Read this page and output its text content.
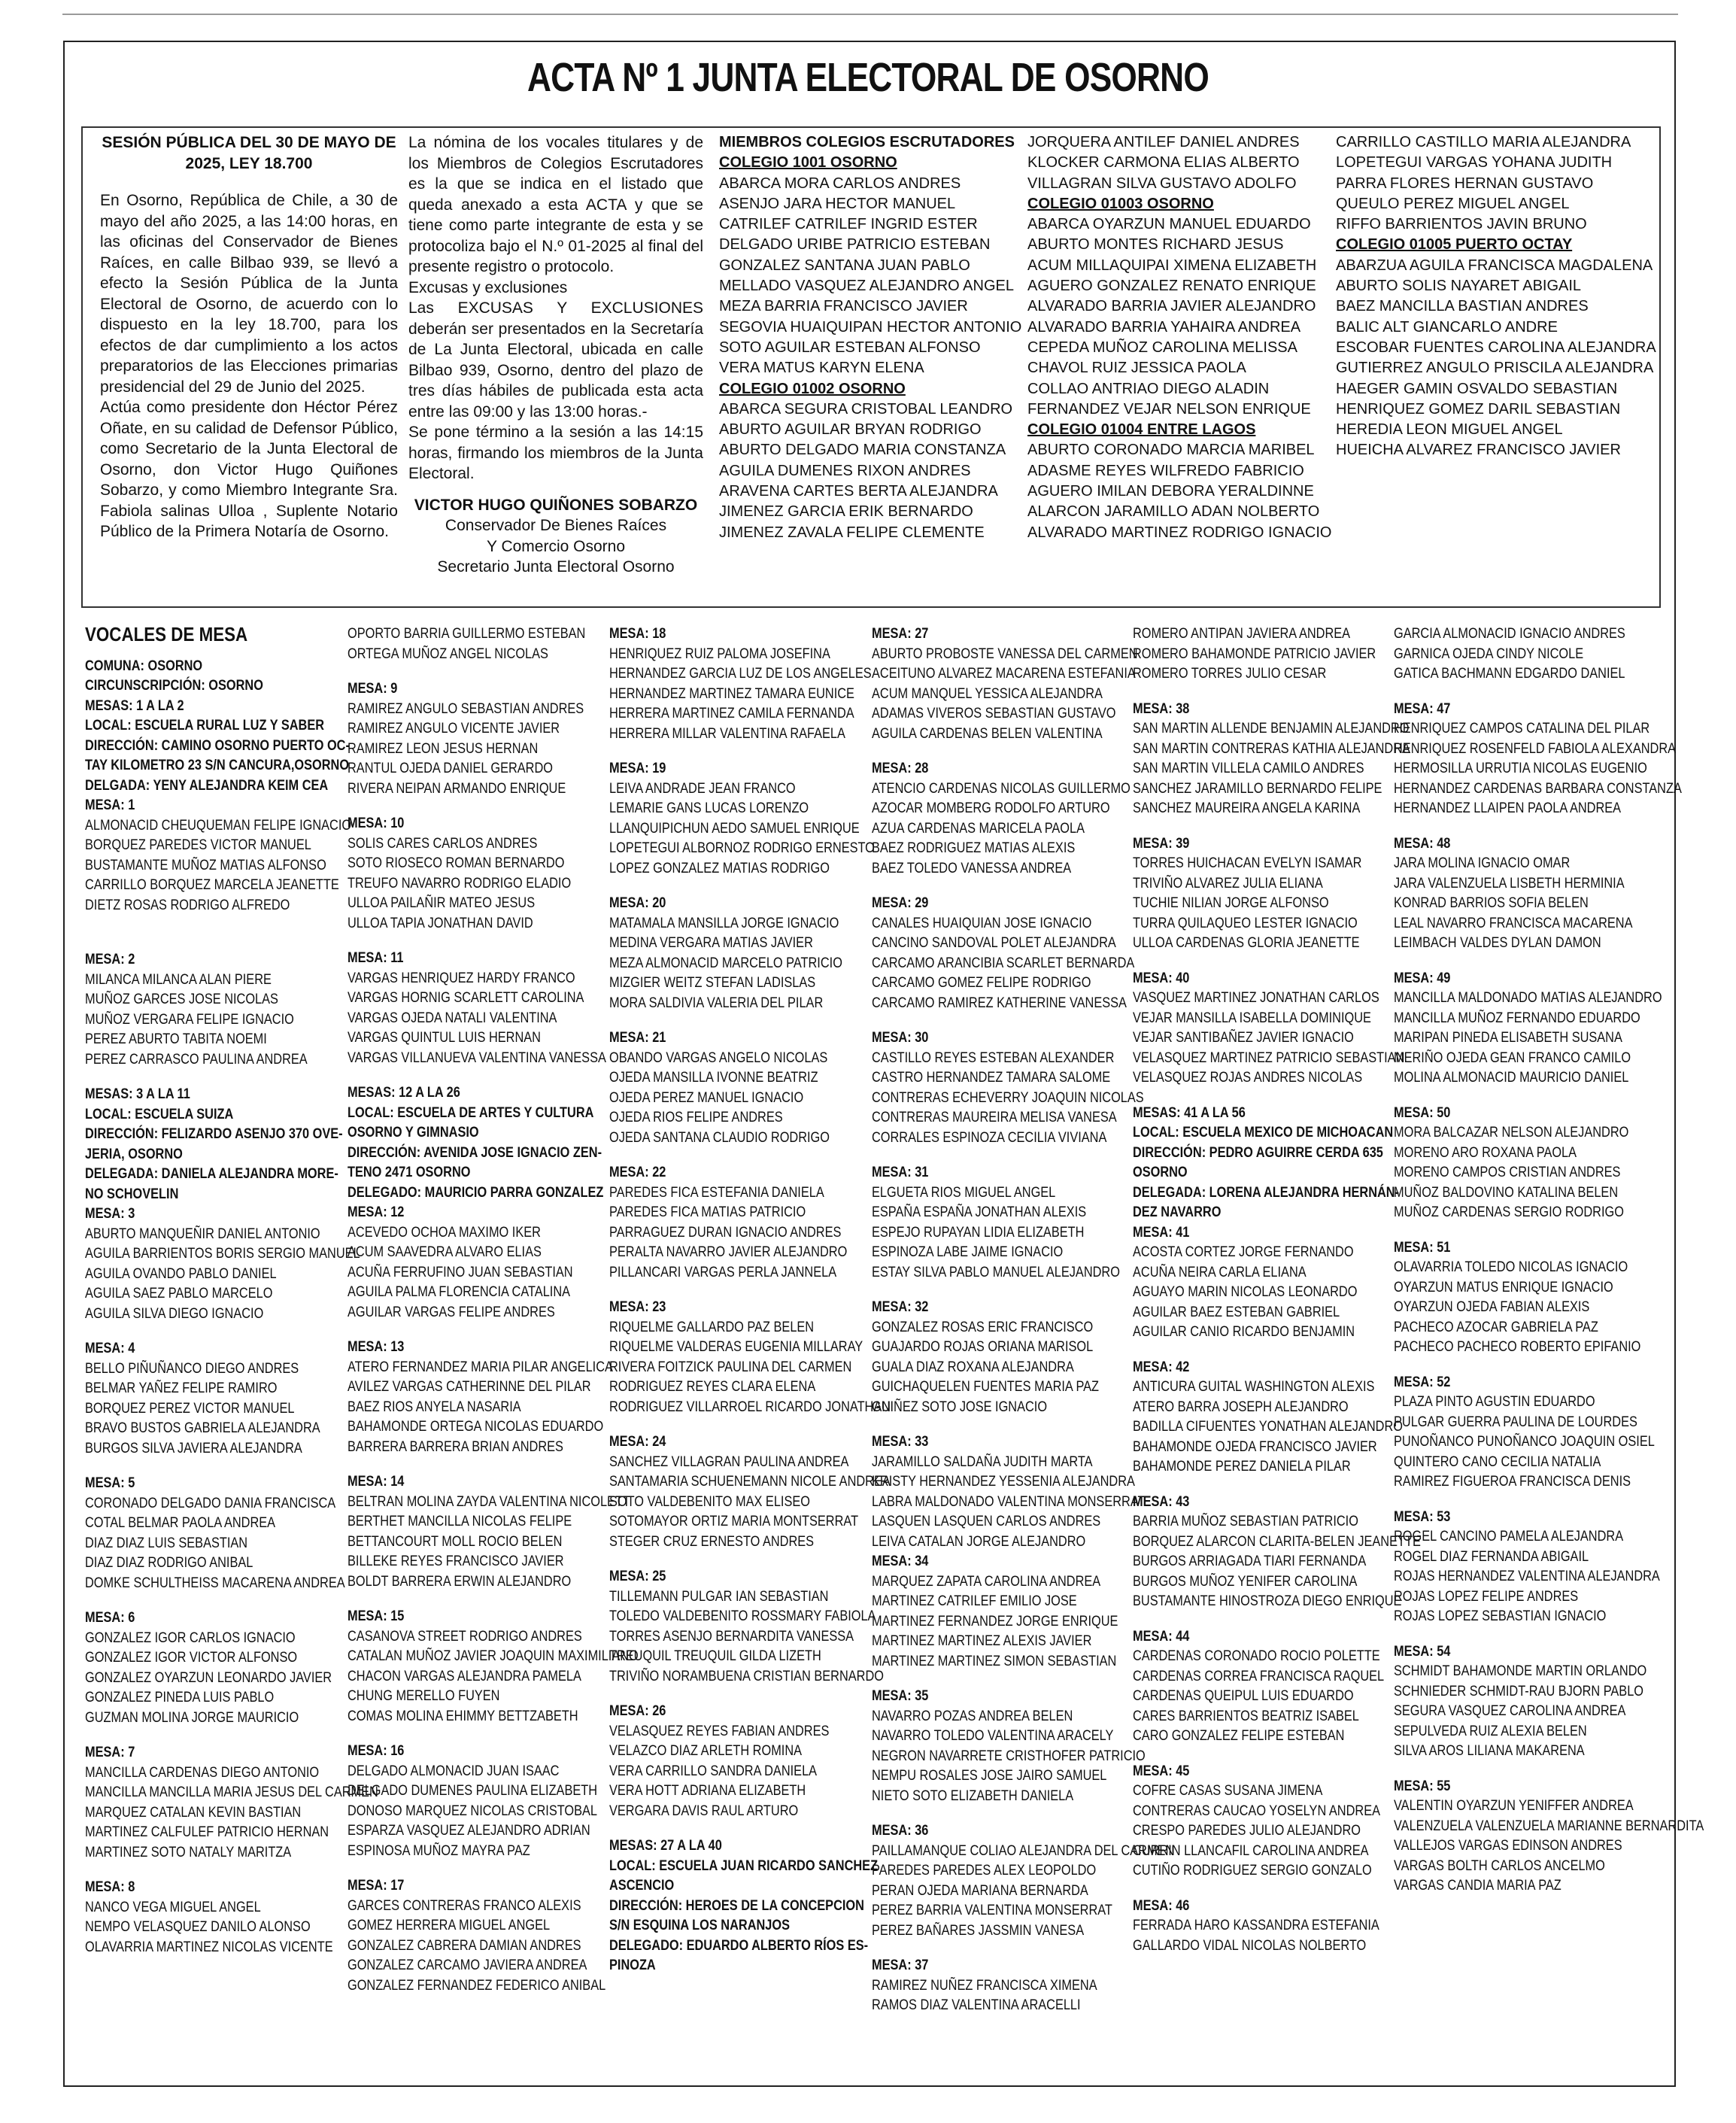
ACTA Nº 1 JUNTA ELECTORAL DE OSORNO

SESIÓN PÚBLICA DEL 30 DE MAYO DE 2025, LEY 18.700

En Osorno, República de Chile, a 30 de mayo del año 2025, a las 14:00 horas, en las oficinas del Conservador de Bienes Raíces, en calle Bilbao 939, se llevó a efecto la Sesión Pública de la Junta Electoral de Osorno, de acuerdo con lo dispuesto en la ley 18.700, para los efectos de dar cumplimiento a los actos preparatorios de las Elecciones primarias presidencial del 29 de Junio del 2025.

Actúa como presidente don Héctor Pérez Oñate, en su calidad de Defensor Público, como Secretario de la Junta Electoral de Osorno, don Victor Hugo Quiñones Sobarzo, y como Miembro Integrante Sra. Fabiola salinas Ulloa , Suplente Notario Público de la Primera Notaría de Osorno.

La nómina de los vocales titulares y de los Miembros de Colegios Escrutadores es la que se indica en el listado que queda anexado a esta ACTA y que se tiene como parte integrante de esta y se protocoliza bajo el N.º 01-2025 al final del presente registro o protocolo.

Excusas y exclusiones

Las EXCUSAS Y EXCLUSIONES deberán ser presentados en la Secretaría de La Junta Electoral, ubicada en calle Bilbao 939, Osorno, dentro del plazo de tres días hábiles de publicada esta acta entre las 09:00 y las 13:00 horas.-

Se pone término a la sesión a las 14:15 horas, firmando los miembros de la Junta Electoral.

VICTOR HUGO QUIÑONES SOBARZO

Conservador De Bienes Raíces

Y Comercio Osorno

Secretario Junta Electoral Osorno

MIEMBROS COLEGIOS ESCRUTADORES

COLEGIO 1001 OSORNO

ABARCA MORA CARLOS ANDRES
ASENJO JARA HECTOR MANUEL
CATRILEF CATRILEF INGRID ESTER
DELGADO URIBE PATRICIO ESTEBAN
GONZALEZ SANTANA JUAN PABLO
MELLADO VASQUEZ ALEJANDRO ANGEL
MEZA BARRIA FRANCISCO JAVIER
SEGOVIA HUAIQUIPAN HECTOR ANTONIO
SOTO AGUILAR ESTEBAN ALFONSO
VERA MATUS KARYN ELENA

COLEGIO 01002 OSORNO

ABARCA SEGURA CRISTOBAL LEANDRO
ABURTO AGUILAR BRYAN RODRIGO
ABURTO DELGADO MARIA CONSTANZA
AGUILA DUMENES RIXON ANDRES
ARAVENA CARTES BERTA ALEJANDRA
JIMENEZ GARCIA ERIK BERNARDO
JIMENEZ ZAVALA FELIPE CLEMENTE
JORQUERA ANTILEF DANIEL ANDRES
KLOCKER CARMONA ELIAS ALBERTO
VILLAGRAN SILVA GUSTAVO ADOLFO

COLEGIO 01003 OSORNO

ABARCA OYARZUN MANUEL EDUARDO
ABURTO MONTES RICHARD JESUS
ACUM MILLAQUIPAI XIMENA ELIZABETH
AGUERO GONZALEZ RENATO ENRIQUE
ALVARADO BARRIA JAVIER ALEJANDRO
ALVARADO BARRIA YAHAIRA ANDREA
CEPEDA MUÑOZ CAROLINA MELISSA
CHAVOL RUIZ JESSICA PAOLA
COLLAO ANTRIAO DIEGO ALADIN
FERNANDEZ VEJAR NELSON ENRIQUE

COLEGIO 01004 ENTRE LAGOS

ABURTO CORONADO MARCIA MARIBEL
ADASME REYES WILFREDO FABRICIO
AGUERO IMILAN DEBORA YERALDINNE
ALARCON JARAMILLO ADAN NOLBERTO
ALVARADO MARTINEZ RODRIGO IGNACIO
CARRILLO CASTILLO MARIA ALEJANDRA
LOPETEGUI VARGAS YOHANA JUDITH
PARRA FLORES HERNAN GUSTAVO
QUEULO PEREZ MIGUEL ANGEL
RIFFO BARRIENTOS JAVIN BRUNO

COLEGIO 01005 PUERTO OCTAY

ABARZUA AGUILA FRANCISCA MAGDALENA
ABURTO SOLIS NAYARET ABIGAIL
BAEZ MANCILLA BASTIAN ANDRES
BALIC ALT GIANCARLO ANDRE
ESCOBAR FUENTES CAROLINA ALEJANDRA
GUTIERREZ ANGULO PRISCILA ALEJANDRA
HAEGER GAMIN OSVALDO SEBASTIAN
HENRIQUEZ GOMEZ DARIL SEBASTIAN
HEREDIA LEON MIGUEL ANGEL
HUEICHA ALVAREZ FRANCISCO JAVIER
VOCALES DE MESA
COMUNA: OSORNO
CIRCUNSCRIPCIÓN: OSORNO
MESAS: 1 A LA 2
LOCAL: ESCUELA RURAL LUZ Y SABER
DIRECCIÓN: CAMINO OSORNO PUERTO OC-
TAY KILOMETRO 23 S/N CANCURA,OSORNO
DELGADA: YENY ALEJANDRA KEIM CEA
MESA: 1
ALMONACID CHEUQUEMAN FELIPE IGNACIO
BORQUEZ PAREDES VICTOR MANUEL
BUSTAMANTE MUÑOZ MATIAS ALFONSO
CARRILLO BORQUEZ MARCELA JEANETTE
DIETZ ROSAS RODRIGO ALFREDO
MESA: 2
MILANCA MILANCA ALAN PIERE
MUÑOZ GARCES JOSE NICOLAS
MUÑOZ VERGARA FELIPE IGNACIO
PEREZ ABURTO TABITA NOEMI
PEREZ CARRASCO PAULINA ANDREA
MESAS: 3 A LA 11
LOCAL: ESCUELA SUIZA
DIRECCIÓN: FELIZARDO ASENJO 370 OVE-
JERIA, OSORNO
DELEGADA: DANIELA ALEJANDRA MORE-
NO SCHOVELIN
MESA: 3
ABURTO MANQUEÑIR DANIEL ANTONIO
AGUILA BARRIENTOS BORIS SERGIO MANUEL
AGUILA OVANDO PABLO DANIEL
AGUILA SAEZ PABLO MARCELO
AGUILA SILVA DIEGO IGNACIO
MESA: 4
BELLO PIÑUÑANCO DIEGO ANDRES
BELMAR YAÑEZ FELIPE RAMIRO
BORQUEZ PEREZ VICTOR MANUEL
BRAVO BUSTOS GABRIELA ALEJANDRA
BURGOS SILVA JAVIERA ALEJANDRA
MESA: 5
CORONADO DELGADO DANIA FRANCISCA
COTAL BELMAR PAOLA ANDREA
DIAZ DIAZ LUIS SEBASTIAN
DIAZ DIAZ RODRIGO ANIBAL
DOMKE SCHULTHEISS MACARENA ANDREA
MESA: 6
GONZALEZ IGOR CARLOS IGNACIO
GONZALEZ IGOR VICTOR ALFONSO
GONZALEZ OYARZUN LEONARDO JAVIER
GONZALEZ PINEDA LUIS PABLO
GUZMAN MOLINA JORGE MAURICIO
MESA: 7
MANCILLA CARDENAS DIEGO ANTONIO
MANCILLA MANCILLA MARIA JESUS DEL CARMEN
MARQUEZ CATALAN KEVIN BASTIAN
MARTINEZ CALFULEF PATRICIO HERNAN
MARTINEZ SOTO NATALY MARITZA
MESA: 8
NANCO VEGA MIGUEL ANGEL
NEMPO VELASQUEZ DANILO ALONSO
OLAVARRIA MARTINEZ NICOLAS VICENTE
OPORTO BARRIA GUILLERMO ESTEBAN
ORTEGA MUÑOZ ANGEL NICOLAS
MESA: 9
RAMIREZ ANGULO SEBASTIAN ANDRES
RAMIREZ ANGULO VICENTE JAVIER
RAMIREZ LEON JESUS HERNAN
RANTUL OJEDA DANIEL GERARDO
RIVERA NEIPAN ARMANDO ENRIQUE
MESA: 10
SOLIS CARES CARLOS ANDRES
SOTO RIOSECO ROMAN BERNARDO
TREUFO NAVARRO RODRIGO ELADIO
ULLOA PAILAÑIR MATEO JESUS
ULLOA TAPIA JONATHAN DAVID
MESA: 11
VARGAS HENRIQUEZ HARDY FRANCO
VARGAS HORNIG SCARLETT CAROLINA
VARGAS OJEDA NATALI VALENTINA
VARGAS QUINTUL LUIS HERNAN
VARGAS VILLANUEVA VALENTINA VANESSA
MESAS: 12 A LA 26
LOCAL: ESCUELA DE ARTES Y CULTURA
OSORNO Y GIMNASIO
DIRECCIÓN: AVENIDA JOSE IGNACIO ZEN-
TENO 2471 OSORNO
DELEGADO: MAURICIO PARRA GONZALEZ
MESA: 12
ACEVEDO OCHOA MAXIMO IKER
ACUM SAAVEDRA ALVARO ELIAS
ACUÑA FERRUFINO JUAN SEBASTIAN
AGUILA PALMA FLORENCIA CATALINA
AGUILAR VARGAS FELIPE ANDRES
MESA: 13
ATERO FERNANDEZ MARIA PILAR ANGELICA
AVILEZ VARGAS CATHERINNE DEL PILAR
BAEZ RIOS ANYELA NASARIA
BAHAMONDE ORTEGA NICOLAS EDUARDO
BARRERA BARRERA BRIAN ANDRES
MESA: 14
BELTRAN MOLINA ZAYDA VALENTINA NICOLETT
BERTHET MANCILLA NICOLAS FELIPE
BETTANCOURT MOLL ROCIO BELEN
BILLEKE REYES FRANCISCO JAVIER
BOLDT BARRERA ERWIN ALEJANDRO
MESA: 15
CASANOVA STREET RODRIGO ANDRES
CATALAN MUÑOZ JAVIER JOAQUIN MAXIMILIANO
CHACON VARGAS ALEJANDRA PAMELA
CHUNG MERELLO FUYEN
COMAS MOLINA EHIMMY BETTZABETH
MESA: 16
DELGADO ALMONACID JUAN ISAAC
DELGADO DUMENES PAULINA ELIZABETH
DONOSO MARQUEZ NICOLAS CRISTOBAL
ESPARZA VASQUEZ ALEJANDRO ADRIAN
ESPINOSA MUÑOZ MAYRA PAZ
MESA: 17
GARCES CONTRERAS FRANCO ALEXIS
GOMEZ HERRERA MIGUEL ANGEL
GONZALEZ CABRERA DAMIAN ANDRES
GONZALEZ CARCAMO JAVIERA ANDREA
GONZALEZ FERNANDEZ FEDERICO ANIBAL
MESA: 18
HENRIQUEZ RUIZ PALOMA JOSEFINA
HERNANDEZ GARCIA LUZ DE LOS ANGELES
HERNANDEZ MARTINEZ TAMARA EUNICE
HERRERA MARTINEZ CAMILA FERNANDA
HERRERA MILLAR VALENTINA RAFAELA
MESA: 19
LEIVA ANDRADE JEAN FRANCO
LEMARIE GANS LUCAS LORENZO
LLANQUIPICHUN AEDO SAMUEL ENRIQUE
LOPETEGUI ALBORNOZ RODRIGO ERNESTO
LOPEZ GONZALEZ MATIAS RODRIGO
MESA: 20
MATAMALA MANSILLA JORGE IGNACIO
MEDINA VERGARA MATIAS JAVIER
MEZA ALMONACID MARCELO PATRICIO
MIZGIER WEITZ STEFAN LADISLAS
MORA SALDIVIA VALERIA DEL PILAR
MESA: 21
OBANDO VARGAS ANGELO NICOLAS
OJEDA MANSILLA IVONNE BEATRIZ
OJEDA PEREZ MANUEL IGNACIO
OJEDA RIOS FELIPE ANDRES
OJEDA SANTANA CLAUDIO RODRIGO
MESA: 22
PAREDES FICA ESTEFANIA DANIELA
PAREDES FICA MATIAS PATRICIO
PARRAGUEZ DURAN IGNACIO ANDRES
PERALTA NAVARRO JAVIER ALEJANDRO
PILLANCARI VARGAS PERLA JANNELA
MESA: 23
RIQUELME GALLARDO PAZ BELEN
RIQUELME VALDERAS EUGENIA MILLARAY
RIVERA FOITZICK PAULINA DEL CARMEN
RODRIGUEZ REYES CLARA ELENA
RODRIGUEZ VILLARROEL RICARDO JONATHAN
MESA: 24
SANCHEZ VILLAGRAN PAULINA ANDREA
SANTAMARIA SCHUENEMANN NICOLE ANDREA
SOTO VALDEBENITO MAX ELISEO
SOTOMAYOR ORTIZ MARIA MONTSERRAT
STEGER CRUZ ERNESTO ANDRES
MESA: 25
TILLEMANN PULGAR IAN SEBASTIAN
TOLEDO VALDEBENITO ROSSMARY FABIOLA
TORRES ASENJO BERNARDITA VANESSA
TREUQUIL TREUQUIL GILDA LIZETH
TRIVIÑO NORAMBUENA CRISTIAN BERNARDO
MESA: 26
VELASQUEZ REYES FABIAN ANDRES
VELAZCO DIAZ ARLETH ROMINA
VERA CARRILLO SANDRA DANIELA
VERA HOTT ADRIANA ELIZABETH
VERGARA DAVIS RAUL ARTURO
MESAS: 27 A LA 40
LOCAL: ESCUELA JUAN RICARDO SANCHEZ
ASCENCIO
DIRECCIÓN: HEROES DE LA CONCEPCION
S/N ESQUINA LOS NARANJOS
DELEGADO: EDUARDO ALBERTO RÍOS ES-
PINOZA
MESA: 27
ABURTO PROBOSTE VANESSA DEL CARMEN
ACEITUNO ALVAREZ MACARENA ESTEFANIA
ACUM MANQUEL YESSICA ALEJANDRA
ADAMAS VIVEROS SEBASTIAN GUSTAVO
AGUILA CARDENAS BELEN VALENTINA
MESA: 28
ATENCIO CARDENAS NICOLAS GUILLERMO
AZOCAR MOMBERG RODOLFO ARTURO
AZUA CARDENAS MARICELA PAOLA
BAEZ RODRIGUEZ MATIAS ALEXIS
BAEZ TOLEDO VANESSA ANDREA
MESA: 29
CANALES HUAIQUIAN JOSE IGNACIO
CANCINO SANDOVAL POLET ALEJANDRA
CARCAMO ARANCIBIA SCARLET BERNARDA
CARCAMO GOMEZ FELIPE RODRIGO
CARCAMO RAMIREZ KATHERINE VANESSA
MESA: 30
CASTILLO REYES ESTEBAN ALEXANDER
CASTRO HERNANDEZ TAMARA SALOME
CONTRERAS ECHEVERRY JOAQUIN NICOLAS
CONTRERAS MAUREIRA MELISA VANESA
CORRALES ESPINOZA CECILIA VIVIANA
MESA: 31
ELGUETA RIOS MIGUEL ANGEL
ESPAÑA ESPAÑA JONATHAN ALEXIS
ESPEJO RUPAYAN LIDIA ELIZABETH
ESPINOZA LABE JAIME IGNACIO
ESTAY SILVA PABLO MANUEL ALEJANDRO
MESA: 32
GONZALEZ ROSAS ERIC FRANCISCO
GUAJARDO ROJAS ORIANA MARISOL
GUALA DIAZ ROXANA ALEJANDRA
GUICHAQUELEN FUENTES MARIA PAZ
GUIÑEZ SOTO JOSE IGNACIO
MESA: 33
JARAMILLO SALDAÑA JUDITH MARTA
KRISTY HERNANDEZ YESSENIA ALEJANDRA
LABRA MALDONADO VALENTINA MONSERRAT
LASQUEN LASQUEN CARLOS ANDRES
LEIVA CATALAN JORGE ALEJANDRO
MESA: 34
MARQUEZ ZAPATA CAROLINA ANDREA
MARTINEZ CATRILEF EMILIO JOSE
MARTINEZ FERNANDEZ JORGE ENRIQUE
MARTINEZ MARTINEZ ALEXIS JAVIER
MARTINEZ MARTINEZ SIMON SEBASTIAN
MESA: 35
NAVARRO POZAS ANDREA BELEN
NAVARRO TOLEDO VALENTINA ARACELY
NEGRON NAVARRETE CRISTHOFER PATRICIO
NEMPU ROSALES JOSE JAIRO SAMUEL
NIETO SOTO ELIZABETH DANIELA
MESA: 36
PAILLAMANQUE COLIAO ALEJANDRA DEL CARMEN
PAREDES PAREDES ALEX LEOPOLDO
PERAN OJEDA MARIANA BERNARDA
PEREZ BARRIA VALENTINA MONSERRAT
PEREZ BAÑARES JASSMIN VANESA
MESA: 37
RAMIREZ NUÑEZ FRANCISCA XIMENA
RAMOS DIAZ VALENTINA ARACELLI
ROMERO ANTIPAN JAVIERA ANDREA
ROMERO BAHAMONDE PATRICIO JAVIER
ROMERO TORRES JULIO CESAR
MESA: 38
SAN MARTIN ALLENDE BENJAMIN ALEJANDRO
SAN MARTIN CONTRERAS KATHIA ALEJANDRA
SAN MARTIN VILLELA CAMILO ANDRES
SANCHEZ JARAMILLO BERNARDO FELIPE
SANCHEZ MAUREIRA ANGELA KARINA
MESA: 39
TORRES HUICHACAN EVELYN ISAMAR
TRIVIÑO ALVAREZ JULIA ELIANA
TUCHIE NILIAN JORGE ALFONSO
TURRA QUILAQUEO LESTER IGNACIO
ULLOA CARDENAS GLORIA JEANETTE
MESA: 40
VASQUEZ MARTINEZ JONATHAN CARLOS
VEJAR MANSILLA ISABELLA DOMINIQUE
VEJAR SANTIBAÑEZ JAVIER IGNACIO
VELASQUEZ MARTINEZ PATRICIO SEBASTIAN
VELASQUEZ ROJAS ANDRES NICOLAS
MESAS: 41 A LA 56
LOCAL: ESCUELA MEXICO DE MICHOACAN
DIRECCIÓN: PEDRO AGUIRRE CERDA 635
OSORNO
DELEGADA: LORENA ALEJANDRA HERNÁN-
DEZ NAVARRO
MESA: 41
ACOSTA CORTEZ JORGE FERNANDO
ACUÑA NEIRA CARLA ELIANA
AGUAYO MARIN NICOLAS LEONARDO
AGUILAR BAEZ ESTEBAN GABRIEL
AGUILAR CANIO RICARDO BENJAMIN
MESA: 42
ANTICURA GUITAL WASHINGTON ALEXIS
ATERO BARRA JOSEPH ALEJANDRO
BADILLA CIFUENTES YONATHAN ALEJANDRO
BAHAMONDE OJEDA FRANCISCO JAVIER
BAHAMONDE PEREZ DANIELA PILAR
MESA: 43
BARRIA MUÑOZ SEBASTIAN PATRICIO
BORQUEZ ALARCON CLARITA-BELEN JEANETTE
BURGOS ARRIAGADA TIARI FERNANDA
BURGOS MUÑOZ YENIFER CAROLINA
BUSTAMANTE HINOSTROZA DIEGO ENRIQUE
MESA: 44
CARDENAS CORONADO ROCIO POLETTE
CARDENAS CORREA FRANCISCA RAQUEL
CARDENAS QUEIPUL LUIS EDUARDO
CARES BARRIENTOS BEATRIZ ISABEL
CARO GONZALEZ FELIPE ESTEBAN
MESA: 45
COFRE CASAS SUSANA JIMENA
CONTRERAS CAUCAO YOSELYN ANDREA
CRESPO PAREDES JULIO ALEJANDRO
CURRIN LLANCAFIL CAROLINA ANDREA
CUTIÑO RODRIGUEZ SERGIO GONZALO
MESA: 46
FERRADA HARO KASSANDRA ESTEFANIA
GALLARDO VIDAL NICOLAS NOLBERTO
GARCIA ALMONACID IGNACIO ANDRES
GARNICA OJEDA CINDY NICOLE
GATICA BACHMANN EDGARDO DANIEL
MESA: 47
HENRIQUEZ CAMPOS CATALINA DEL PILAR
HENRIQUEZ ROSENFELD FABIOLA ALEXANDRA
HERMOSILLA URRUTIA NICOLAS EUGENIO
HERNANDEZ CARDENAS BARBARA CONSTANZA
HERNANDEZ LLAIPEN PAOLA ANDREA
MESA: 48
JARA MOLINA IGNACIO OMAR
JARA VALENZUELA LISBETH HERMINIA
KONRAD BARRIOS SOFIA BELEN
LEAL NAVARRO FRANCISCA MACARENA
LEIMBACH VALDES DYLAN DAMON
MESA: 49
MANCILLA MALDONADO MATIAS ALEJANDRO
MANCILLA MUÑOZ FERNANDO EDUARDO
MARIPAN PINEDA ELISABETH SUSANA
MERIÑO OJEDA GEAN FRANCO CAMILO
MOLINA ALMONACID MAURICIO DANIEL
MESA: 50
MORA BALCAZAR NELSON ALEJANDRO
MORENO ARO ROXANA PAOLA
MORENO CAMPOS CRISTIAN ANDRES
MUÑOZ BALDOVINO KATALINA BELEN
MUÑOZ CARDENAS SERGIO RODRIGO
MESA: 51
OLAVARRIA TOLEDO NICOLAS IGNACIO
OYARZUN MATUS ENRIQUE IGNACIO
OYARZUN OJEDA FABIAN ALEXIS
PACHECO AZOCAR GABRIELA PAZ
PACHECO PACHECO ROBERTO EPIFANIO
MESA: 52
PLAZA PINTO AGUSTIN EDUARDO
PULGAR GUERRA PAULINA DE LOURDES
PUNOÑANCO PUNOÑANCO JOAQUIN OSIEL
QUINTERO CANO CECILIA NATALIA
RAMIREZ FIGUEROA FRANCISCA DENIS
MESA: 53
ROGEL CANCINO PAMELA ALEJANDRA
ROGEL DIAZ FERNANDA ABIGAIL
ROJAS HERNANDEZ VALENTINA ALEJANDRA
ROJAS LOPEZ FELIPE ANDRES
ROJAS LOPEZ SEBASTIAN IGNACIO
MESA: 54
SCHMIDT BAHAMONDE MARTIN ORLANDO
SCHNIEDER SCHMIDT-RAU BJORN PABLO
SEGURA VASQUEZ CAROLINA ANDREA
SEPULVEDA RUIZ ALEXIA BELEN
SILVA AROS LILIANA MAKARENA
MESA: 55
VALENTIN OYARZUN YENIFFER ANDREA
VALENZUELA VALENZUELA MARIANNE BERNARDITA
VALLEJOS VARGAS EDINSON ANDRES
VARGAS BOLTH CARLOS ANCELMO
VARGAS CANDIA MARIA PAZ
